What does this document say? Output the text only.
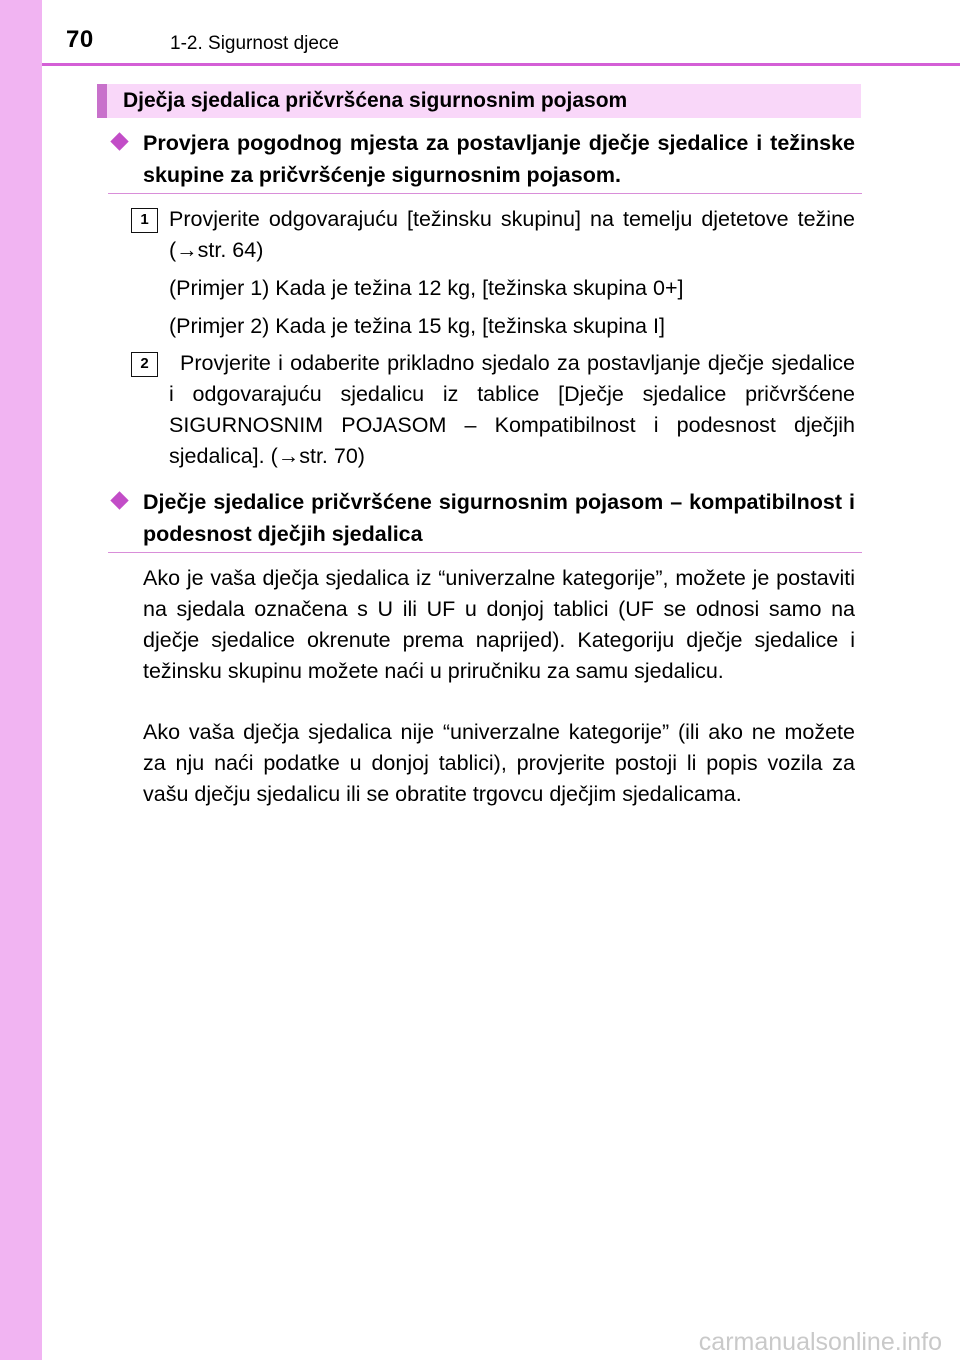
70	1-2. Sigurnost djece
Dječja sjedalica pričvršćena sigurnosnim pojasom
Provjera pogodnog mjesta za postavljanje dječje sjedalice i težinske skupine za pričvršćenje sigurnosnim pojasom.
1 Provjerite odgovarajuću [težinsku skupinu] na temelju djetetove težine (→str. 64)
(Primjer 1) Kada je težina 12 kg, [težinska skupina 0+]
(Primjer 2) Kada je težina 15 kg, [težinska skupina I]
2	Provjerite i odaberite prikladno sjedalo za postavljanje dječje sjedalice i odgovarajuću sjedalicu iz tablice [Dječje sjedalice pričvršćene SIGURNOSNIM POJASOM – Kompatibilnost i podesnost dječjih sjedalica]. (→str. 70)
Dječje sjedalice pričvršćene sigurnosnim pojasom – kompatibilnost i podesnost dječjih sjedalica
Ako je vaša dječja sjedalica iz “univerzalne kategorije”, možete je postaviti na sjedala označena s U ili UF u donjoj tablici (UF se odnosi samo na dječje sjedalice okrenute prema naprijed). Kategoriju dječje sjedalice i težinsku skupinu možete naći u priručniku za samu sjedalicu.
Ako vaša dječja sjedalica nije “univerzalne kategorije” (ili ako ne možete za nju naći podatke u donjoj tablici), provjerite postoji li popis vozila za vašu dječju sjedalicu ili se obratite trgovcu dječjim sjedalicama.
carmanualsonline.info
